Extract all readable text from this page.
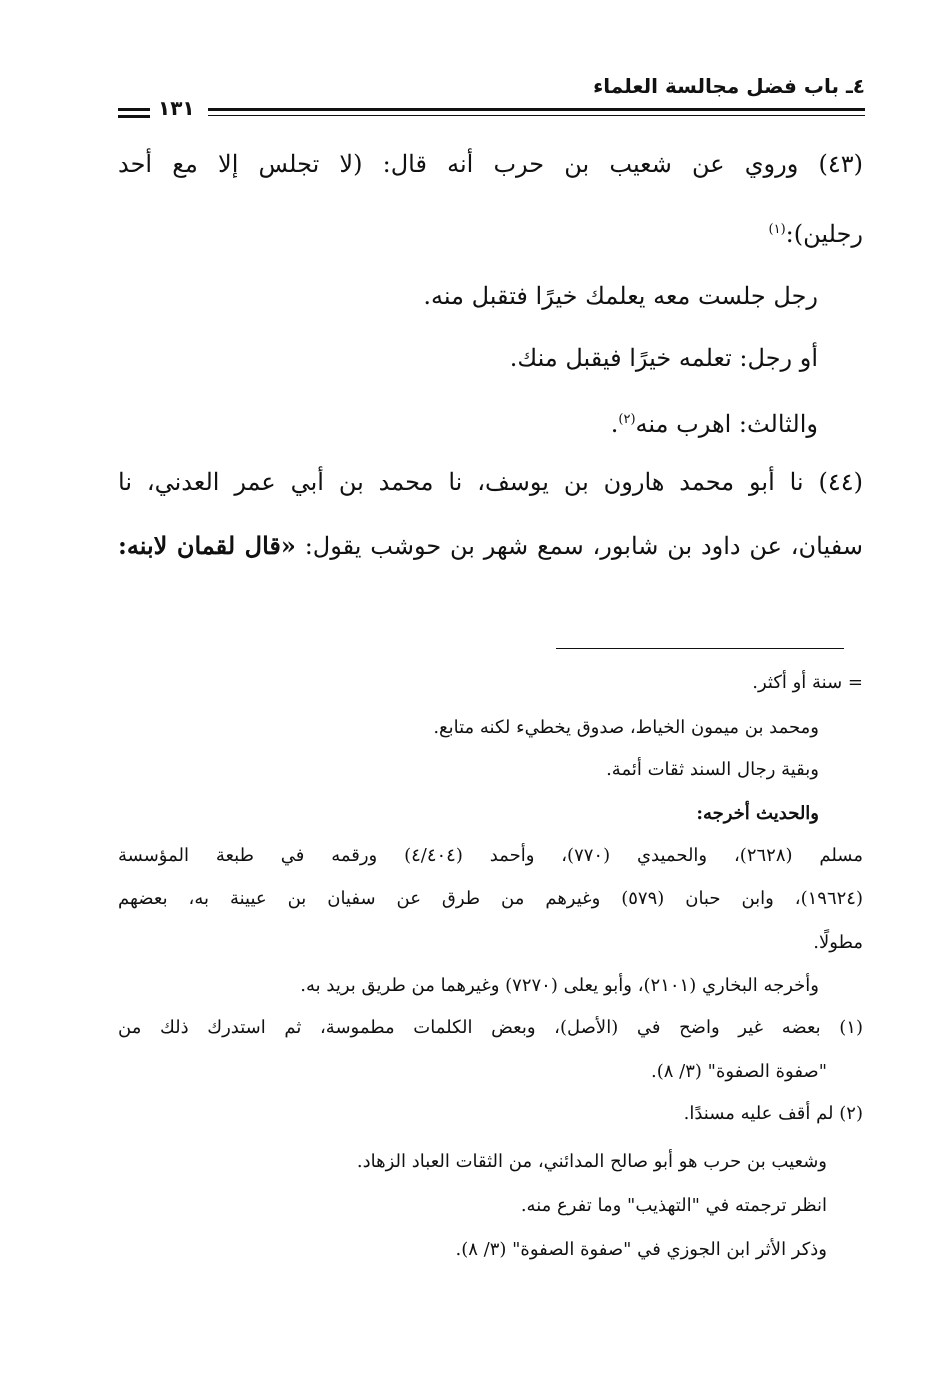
٤ـ باب فضل مجالسة العلماء
١٣١

(٤٣) وروي عن شعيب بن حرب أنه قال: (لا تجلس إلا مع أحد

رجلين):$^{(١)}$

رجل جلست معه يعلمك خيرًا فتقبل منه.

أو رجل: تعلمه خيرًا فيقبل منك.

والثالث: اهرب منه$^{(٢)}$.

(٤٤) نا أبو محمد هارون بن يوسف، نا محمد بن أبي عمر العدني، نا

سفيان، عن داود بن شابور، سمع شهر بن حوشب يقول: «قال لقمان لابنه:

= سنة أو أكثر.

ومحمد بن ميمون الخياط، صدوق يخطيء لكنه متابع.

وبقية رجال السند ثقات أئمة.

والحديث أخرجه:

مسلم (٢٦٢٨)، والحميدي (٧٧٠)، وأحمد (٤/٤٠٤) ورقمه في طبعة المؤسسة

(١٩٦٢٤)، وابن حبان (٥٧٩) وغيرهم من طرق عن سفيان بن عيينة به، بعضهم

مطولًا.

وأخرجه البخاري (٢١٠١)، وأبو يعلى (٧٢٧٠) وغيرهما من طريق بريد به.

(١) بعضه غير واضح في (الأصل)، وبعض الكلمات مطموسة، ثم استدرك ذلك من

"صفوة الصفوة" (٣/ ٨).

(٢) لم أقف عليه مسندًا.

وشعيب بن حرب هو أبو صالح المدائني، من الثقات العباد الزهاد.

انظر ترجمته في "التهذيب" وما تفرع منه.

وذكر الأثر ابن الجوزي في "صفوة الصفوة" (٣/ ٨).
